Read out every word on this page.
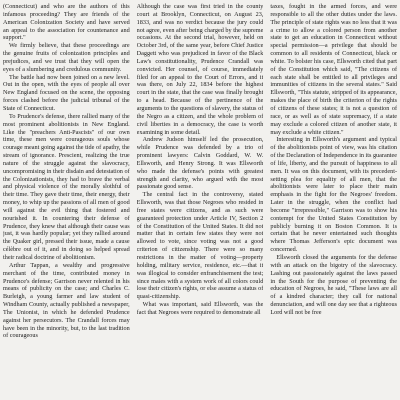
(Connecticut) and who are the authors of this infamous proceeding? They are friends of the American Colonization Society and have served an appeal to the association for countenance and support."

We firmly believe, that these proceedings are the genuine fruits of colonization principles and prejudices, and we trust that they will open the eyes of a slumbering and credulous community.

The battle had now been joined on a new level. Out in the open, with the eyes of people all over New England focused on the scene, the opposing forces clashed before the judicial tribunal of the State of Connecticut.

To Prudence's defense, there rallied many of the most prominent abolitionists in New England. Like the "preachers Anti-Pascists" of our own time, these men were courageous souls whose courage meant going against the tide of apathy, the stream of ignorance. Prescient, realizing the true nature of the struggle against the slavocracy, uncompromising in their disdain and detestation of the Colonizationists, they had to brave the verbal and physical violence of the morally slothful of their time. They gave their time, their energy, their money, to whip up the passions of all men of good will against the evil thing that fostered and nourished it. In countering their defense of Prudence, they knew that although their cause was just, it was hardly popular; yet they rallied around the Quaker girl, pressed their issue, made a cause célèbre out of it, and in doing so helped spread their radical doctrine of abolitionism.

Arthur Tappan, a wealthy and progressive merchant of the time, contributed money in Prudence's defense; Garrison never relented in his means of publicity on the case; and Charles C. Burleigh, a young farmer and law student of Windham County, actually published a newspaper, The Unionist, in which he defended Prudence against her persecutors. The Crandall forces may have been in the minority, but, to the last tradition of courageous

Although the case was first tried in the county court at Brooklyn, Connecticut, on August 23, 1833, and was no verdict because the jury could not agree, even after being charged by the supreme occasions. At the second trial, however, held on October 3rd, of the same year, before Chief Justice Daggett who was prejudiced in favor of the Black Law's constitutionality, Prudence Crandall was convicted. Her counsel, of course, immediately filed for an appeal to the Court of Errors, and it was there, on July 22, 1834 before the highest court in the state, that the case was finally brought to a head. Because of the pertinence of the arguments to the questions of slavery, the status of the Negro as a citizen, and the whole problem of civil liberties in a democracy, the case is worth examining in some detail.

Andrew Judson himself led the prosecution, while Prudence was defended by a trio of prominent lawyers: Calvin Goddard, W. W. Ellsworth, and Henry Strong. It was Ellsworth who made the defense's points with greatest strength and clarity, who argued with the most passionate good sense.

The central fact in the controversy, stated Ellsworth, was that those Negroes who resided in free states were citizens, and as such were guaranteed protection under Article IV, Section 2 of the Constitution of the United States. It did not matter that in certain few states they were not allowed to vote, since voting was not a good criterion of citizenship. There were so many restrictions in the matter of voting—property holding, military service, residence, etc.—that it was illogical to consider enfranchisement the test; since males with a system work of all colors could lose their citizen's rights, or else assume a status of quasi-citizenship.

What was important, said Ellsworth, was the fact that Negroes were required to demonstrate all

taxes, fought in the armed forces, and were responsible to all the other duties under the laws. The principle of state rights was no less that it was a crime to allow a colored person from another state to get an education in Connecticut without special permission—a privilege that should be common to all residents of Connecticut, black or white. To bolster his case, Ellsworth cited that part of the Constitution which said, "The citizens of each state shall be entitled to all privileges and immunities of citizens in the several states." Said Ellsworth, "This statute, stripped of its appearance, makes the place of birth the criterion of the rights of citizens of these states; it is not a question of race, or as well as of state supremacy, if a state may exclude a colored citizen of another state, it may exclude a white citizen."

Interesting in Ellsworth's argument and typical of the abolitionists point of view, was his citation of the Declaration of Independence in its guarantee of life, liberty, and the pursuit of happiness to all men. It was on this document, with its precedent-setting plea for equality of all men, that the abolitionists were later to place their main emphasis in the fight for the Negroes' freedom. Later in the struggle, when the conflict had become "irrepressible," Garrison was to show his contempt for the United States Constitution by publicly burning it on Boston Common. It is certain that he never entertained such thoughts where Thomas Jefferson's epic document was concerned.

Ellsworth closed the arguments for the defense with an attack on the bigotry of the slavocracy. Lashing out passionately against the laws passed in the South for the purpose of preventing the education of Negroes, he said, "These laws are all of a kindred character; they call for national denunciation, and will one day see that a righteous Lord will not be free
